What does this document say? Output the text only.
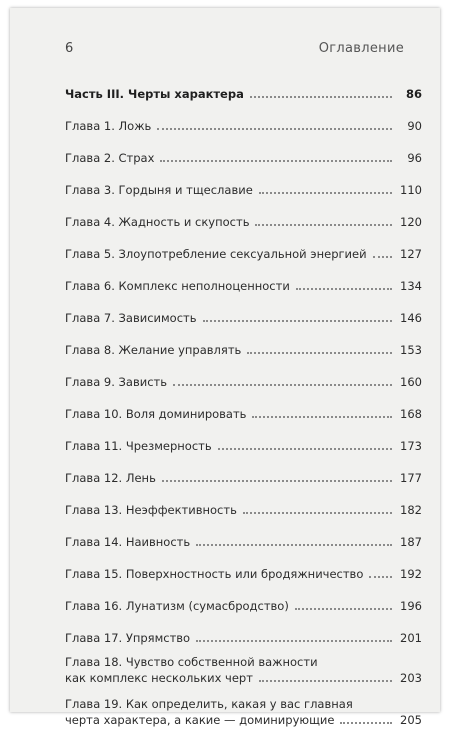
6	Оглавление
Часть III. Черты характера	86
Глава 1. Ложь	90
Глава 2. Страх	96
Глава 3. Гордыня и тщеславие	110
Глава 4. Жадность и скупость	120
Глава 5. Злоупотребление сексуальной энергией	127
Глава 6. Комплекс неполноценности	134
Глава 7. Зависимость	146
Глава 8. Желание управлять	153
Глава 9. Зависть	160
Глава 10. Воля доминировать	168
Глава 11. Чрезмерность	173
Глава 12. Лень	177
Глава 13. Неэффективность	182
Глава 14. Наивность	187
Глава 15. Поверхностность или бродяжничество	192
Глава 16. Лунатизм (сумасбродство)	196
Глава 17. Упрямство	201
Глава 18. Чувство собственной важности
как комплекс нескольких черт	203
Глава 19. Как определить, какая у вас главная
черта характера, а какие — доминирующие	205
